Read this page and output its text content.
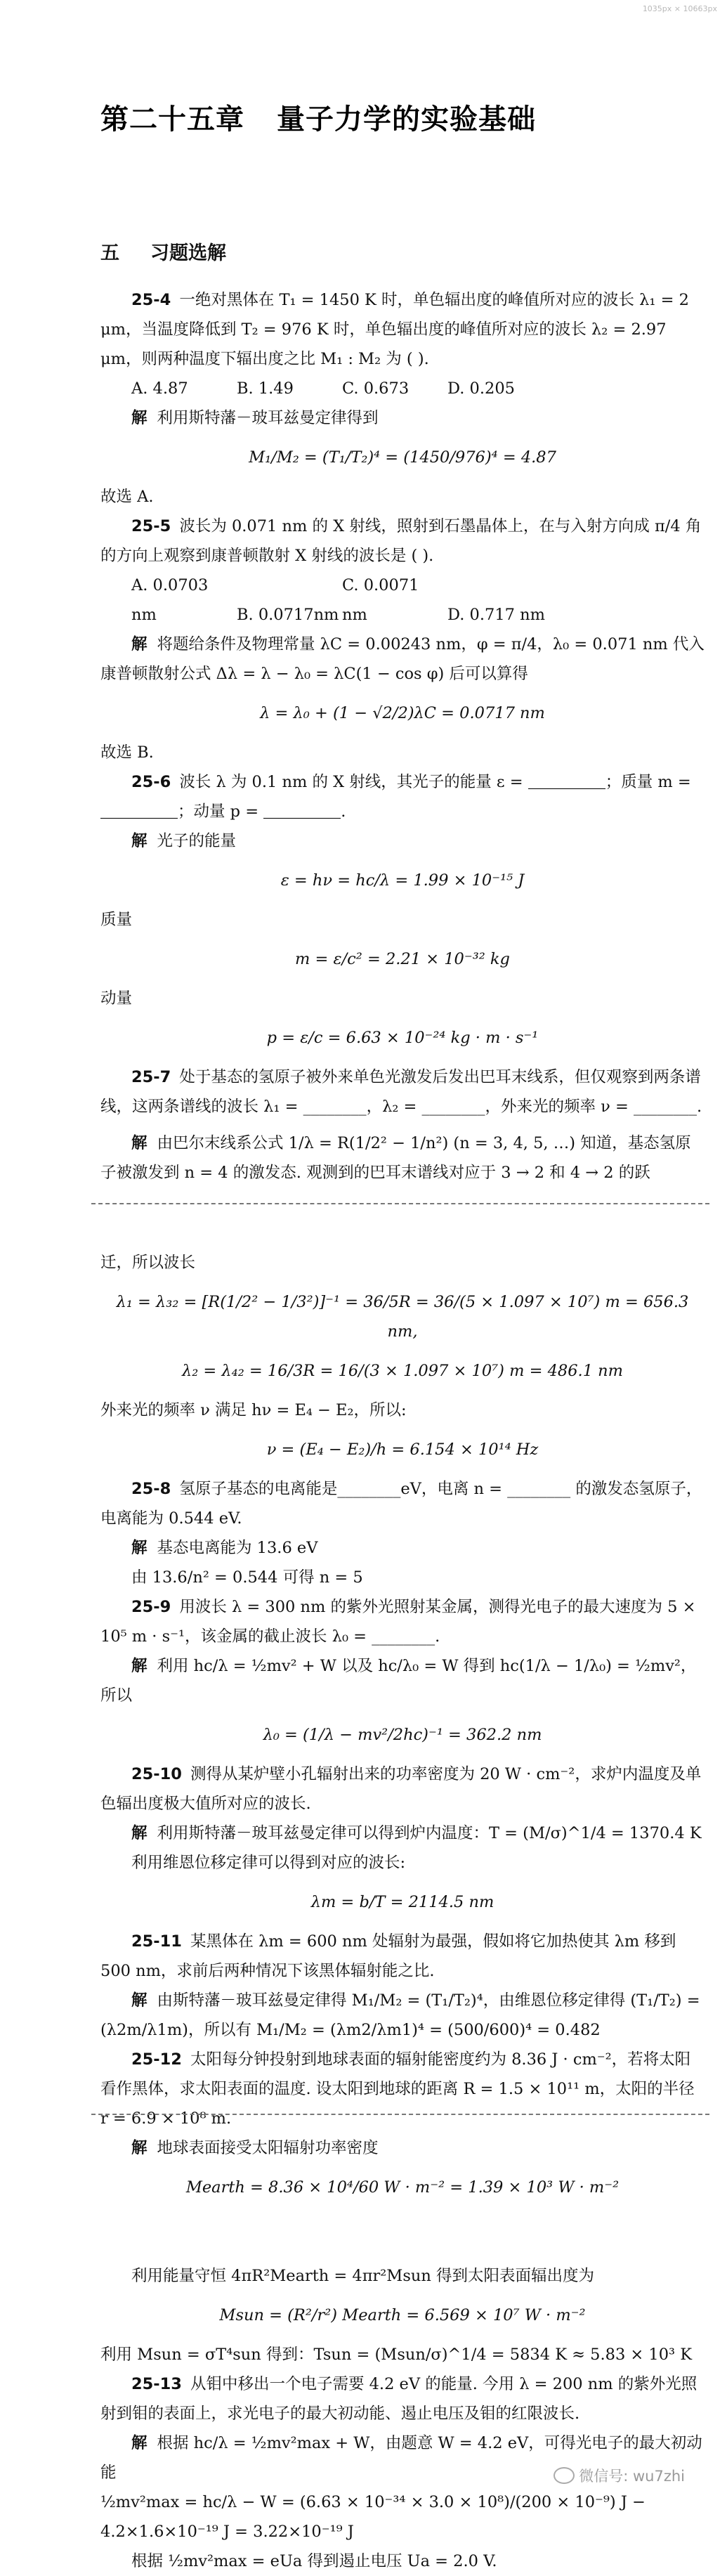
1035px × 10663px
第二十五章 量子力学的实验基础
五 习题选解

25-4 一绝对黑体在 T₁ = 1450 K 时，单色辐出度的峰值所对应的波长 λ₁ = 2 μm，当温度降低到 T₂ = 976 K 时，单色辐出度的峰值所对应的波长 λ₂ = 2.97 μm，则两种温度下辐出度之比 M₁ : M₂ 为 ( ).

A. 4.87	B. 1.49	C. 0.673 D. 0.205

解 利用斯特藩－玻耳兹曼定律得到

M₁/M₂ = (T₁/T₂)⁴ = (1450/976)⁴ = 4.87

故选 A.

25-5 波长为 0.071 nm 的 X 射线，照射到石墨晶体上，在与入射方向成 π/4 角的方向上观察到康普顿散射 X 射线的波长是 ( ).

A. 0.0703 nm	B. 0.0717nmC. 0.0071 nm	D. 0.717 nm

解 将题给条件及物理常量 λC = 0.00243 nm，φ = π/4，λ₀ = 0.071 nm 代入康普顿散射公式 Δλ = λ − λ₀ = λC(1 − cos φ) 后可以算得

λ = λ₀ + (1 − √2/2)λC = 0.0717 nm

故选 B.

25-6 波长 λ 为 0.1 nm 的 X 射线，其光子的能量 ε =	；质量 m = ；动量 p =	.

解 光子的能量

ε = hν = hc/λ = 1.99 × 10⁻¹⁵ J

质量

m = ε/c² = 2.21 × 10⁻³² kg

动量

p = ε/c = 6.63 × 10⁻²⁴ kg · m · s⁻¹

25-7 处于基态的氢原子被外来单色光激发后发出巴耳末线系，但仅观察到两条谱线，这两条谱线的波长 λ₁ = ________，λ₂ = ________，外来光的频率 ν = ________.

解 由巴尔末线系公式 1/λ = R(1/2² − 1/n²) (n = 3, 4, 5, …) 知道，基态氢原子被激发到 n = 4 的激发态. 观测到的巴耳末谱线对应于 3 → 2 和 4 → 2 的跃

迁，所以波长

λ₁ = λ₃₂ = [R(1/2² − 1/3²)]⁻¹ = 36/5R = 36/(5 × 1.097 × 10⁷) m = 656.3 nm,

λ₂ = λ₄₂ = 16/3R = 16/(3 × 1.097 × 10⁷) m = 486.1 nm

外来光的频率 ν 满足 hν = E₄ − E₂，所以:

ν = (E₄ − E₂)/h = 6.154 × 10¹⁴ Hz

25-8 氢原子基态的电离能是________eV，电离 n = ________ 的激发态氢原子，电离能为 0.544 eV.

解 基态电离能为 13.6 eV

由 13.6/n² = 0.544 可得 n = 5

25-9 用波长 λ = 300 nm 的紫外光照射某金属，测得光电子的最大速度为 5 × 10⁵ m · s⁻¹，该金属的截止波长 λ₀ = ________.

解 利用 hc/λ = ½mv² + W 以及 hc/λ₀ = W 得到 hc(1/λ − 1/λ₀) = ½mv²，所以

λ₀ = (1/λ − mv²/2hc)⁻¹ = 362.2 nm

25-10 测得从某炉壁小孔辐射出来的功率密度为 20 W · cm⁻²，求炉内温度及单色辐出度极大值所对应的波长.

解 利用斯特藩－玻耳兹曼定律可以得到炉内温度：T = (M/σ)^1/4 = 1370.4 K

利用维恩位移定律可以得到对应的波长:

λm = b/T = 2114.5 nm

25-11 某黑体在 λm = 600 nm 处辐射为最强，假如将它加热使其 λm 移到 500 nm，求前后两种情况下该黑体辐射能之比.

解 由斯特藩－玻耳兹曼定律得 M₁/M₂ = (T₁/T₂)⁴，由维恩位移定律得 (T₁/T₂) = (λ2m/λ1m)，所以有 M₁/M₂ = (λm2/λm1)⁴ = (500/600)⁴ = 0.482

25-12 太阳每分钟投射到地球表面的辐射能密度约为 8.36 J · cm⁻²，若将太阳看作黑体，求太阳表面的温度. 设太阳到地球的距离 R = 1.5 × 10¹¹ m，太阳的半径 r = 6.9 × 10⁸ m.

解 地球表面接受太阳辐射功率密度

Mearth = 8.36 × 10⁴/60 W · m⁻² = 1.39 × 10³ W · m⁻²

利用能量守恒 4πR²Mearth = 4πr²Msun 得到太阳表面辐出度为

Msun = (R²/r²) Mearth = 6.569 × 10⁷ W · m⁻²

利用 Msun = σT⁴sun 得到：Tsun = (Msun/σ)^1/4 = 5834 K ≈ 5.83 × 10³ K

25-13 从钼中移出一个电子需要 4.2 eV 的能量. 今用 λ = 200 nm 的紫外光照射到钼的表面上，求光电子的最大初动能、遏止电压及钼的红限波长.

解 根据 hc/λ = ½mv²max + W，由题意 W = 4.2 eV，可得光电子的最大初动能

½mv²max = hc/λ − W = (6.63 × 10⁻³⁴ × 3.0 × 10⁸)/(200 × 10⁻⁹) J − 4.2×1.6×10⁻¹⁹ J = 3.22×10⁻¹⁹ J

根据 ½mv²max = eUa 得到遏止电压 Ua = 2.0 V.

微信号: wu7zhi
